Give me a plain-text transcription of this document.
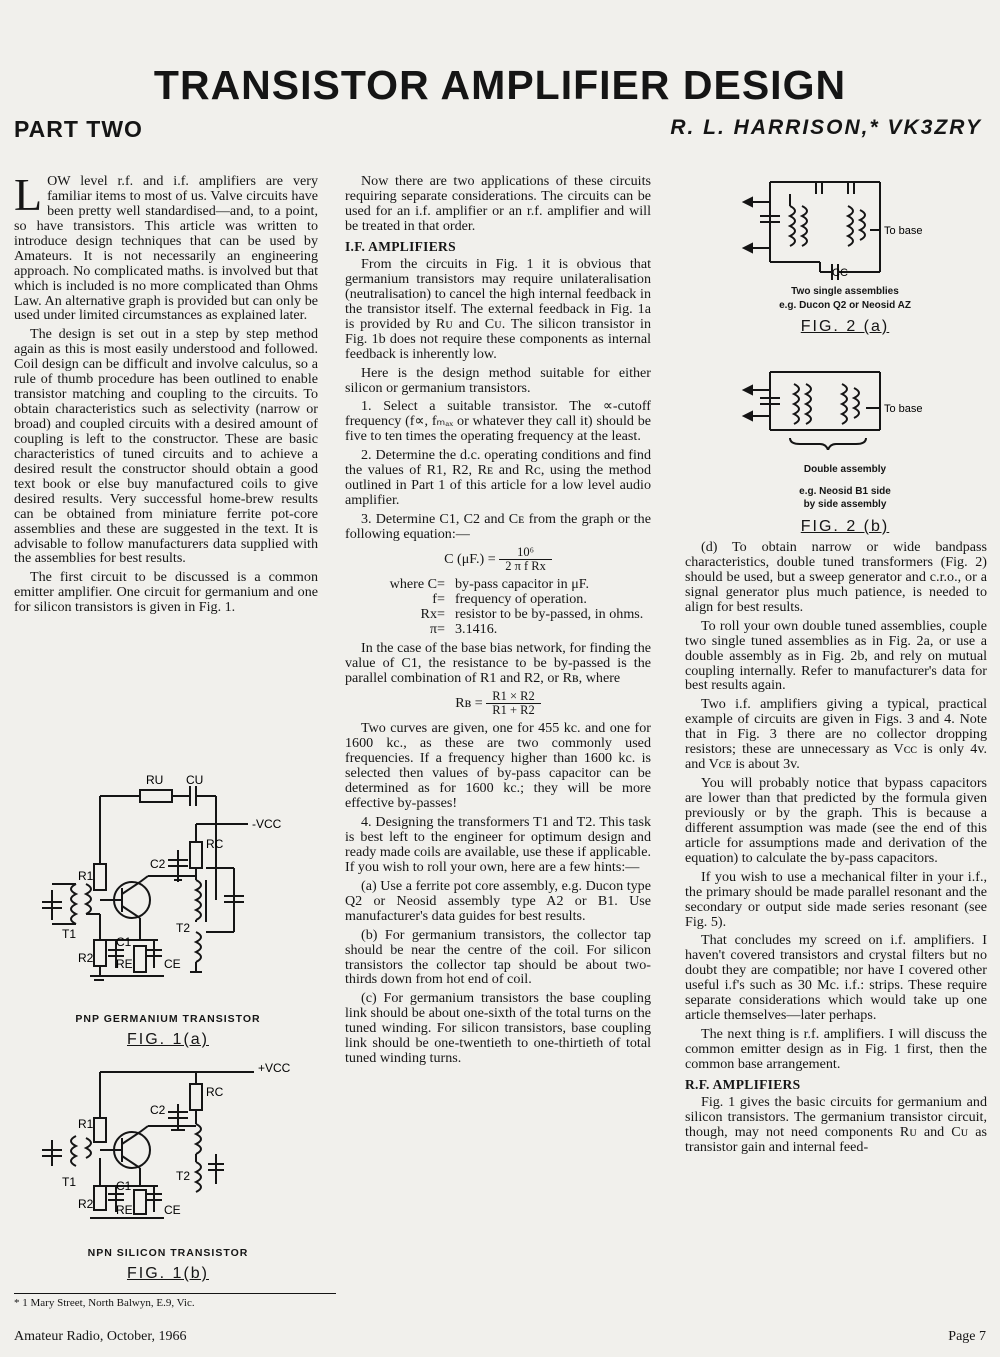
TRANSISTOR AMPLIFIER DESIGN
PART TWO	R. L. HARRISON,* VK3ZRY

LOW level r.f. and i.f. amplifiers are very familiar items to most of us. Valve circuits have been pretty well standardised—and, to a point, so have transistors. This article was written to introduce design techniques that can be used by Amateurs. It is not necessarily an engineering approach. No complicated maths. is involved but that which is included is no more complicated than Ohms Law. An alternative graph is provided but can only be used under limited circumstances as explained later.

The design is set out in a step by step method again as this is most easily understood and followed. Coil design can be difficult and involve calculus, so a rule of thumb procedure has been outlined to enable transistor matching and coupling to the circuits. To obtain characteristics such as selectivity (narrow or broad) and coupled circuits with a desired amount of coupling is left to the constructor. These are basic characteristics of tuned circuits and to achieve a desired result the constructor should obtain a good text book or else buy manufactured coils to give desired results. Very successful home-brew results can be obtained from miniature ferrite pot-core assemblies and these are suggested in the text. It is advisable to follow manufacturers data supplied with the assemblies for best results.

The first circuit to be discussed is a common emitter amplifier. One circuit for germanium and one for silicon transistors is given in Fig. 1.

RU CU
-VCC
RC
C2
R1
T1	T2
C1
R2 RE	CE
PNP GERMANIUM TRANSISTOR
FIG. 1(a)
+VCC
RC
C2
R1
T1	T2
C1
R2 RE	CE
NPN SILICON TRANSISTOR
FIG. 1(b)
* 1 Mary Street, North Balwyn, E.9, Vic.

Now there are two applications of these circuits requiring separate considerations. The circuits can be used for an i.f. amplifier or an r.f. amplifier and will be treated in that order.

I.F. AMPLIFIERS

From the circuits in Fig. 1 it is obvious that germanium transistors may require unilateralisation (neutralisation) to cancel the high internal feedback in the transistor itself. The external feedback in Fig. 1a is provided by Rᴜ and Cᴜ. The silicon transistor in Fig. 1b does not require these components as internal feedback is inherently low.

Here is the design method suitable for either silicon or germanium transistors.

1. Select a suitable transistor. The ∝-cutoff frequency (f∝, fₘₐₓ or whatever they call it) should be five to ten times the operating frequency at the least.

2. Determine the d.c. operating conditions and find the values of R1, R2, Rᴇ and Rᴄ, using the method outlined in Part 1 of this article for a low level audio amplifier.

3. Determine C1, C2 and Cᴇ from the graph or the following equation:—

C $(\mu F.) = \frac{\text{10⁶}}{\text{2 π f Rx}}$
where C = by-pass capacitor in μF.
f = frequency of operation.
Rx = resistor to be by-passed, in ohms.
π = 3.1416.

In the case of the base bias network, for finding the value of C1, the resistance to be by-passed is the parallel combination of R1 and R2, or Rʙ, where

Rʙ = $\frac{R1 \times R2}{R1 + R2}$

Two curves are given, one for 455 kc. and one for 1600 kc., as these are two commonly used frequencies. If a frequency higher than 1600 kc. is selected then values of by-pass capacitor can be determined as for 1600 kc.; they will be more effective by-passes!

4. Designing the transformers T1 and T2. This task is best left to the engineer for optimum design and ready made coils are available, use these if applicable. If you wish to roll your own, here are a few hints:—

(a) Use a ferrite pot core assembly, e.g. Ducon type Q2 or Neosid assembly type A2 or B1. Use manufacturer's data guides for best results.

(b) For germanium transistors, the collector tap should be near the centre of the coil. For silicon transistors the collector tap should be about two-thirds down from hot end of coil.

(c) For germanium transistors the base coupling link should be about one-sixth of the total turns on the tuned winding. For silicon transistors, base coupling link should be one-twentieth to one-thirtieth of total tuned winding turns.

To base
CC
Two single assemblies
e.g. Ducon Q2 or Neosid AZ
FIG. 2 (a)
To base
Double assembly
e.g. Neosid B1 side
by side assembly
FIG. 2 (b)

(d) To obtain narrow or wide bandpass characteristics, double tuned transformers (Fig. 2) should be used, but a sweep generator and c.r.o., or a signal generator plus much patience, is needed to align for best results.

To roll your own double tuned assemblies, couple two single tuned assemblies as in Fig. 2a, or use a double assembly as in Fig. 2b, and rely on mutual coupling internally. Refer to manufacturer's data for best results again.

Two i.f. amplifiers giving a typical, practical example of circuits are given in Figs. 3 and 4. Note that in Fig. 3 there are no collector dropping resistors; these are unnecessary as Vᴄᴄ is only 4v. and Vᴄᴇ is about 3v.

You will probably notice that bypass capacitors are lower than that predicted by the formula given previously or by the graph. This is because a different assumption was made (see the end of this article for assumptions made and derivation of the equation) to calculate the by-pass capacitors.

If you wish to use a mechanical filter in your i.f., the primary should be made parallel resonant and the secondary or output side made series resonant (see Fig. 5).

That concludes my screed on i.f. amplifiers. I haven't covered transistors and crystal filters but no doubt they are compatible; nor have I covered other useful i.f's such as 30 Mc. i.f.: strips. These require separate considerations which would take up one article themselves—later perhaps.

The next thing is r.f. amplifiers. I will discuss the common emitter design as in Fig. 1 first, then the common base arrangement.

R.F. AMPLIFIERS

Fig. 1 gives the basic circuits for germanium and silicon transistors. The germanium transistor circuit, though, may not need components Rᴜ and Cᴜ as transistor gain and internal feed-

Amateur Radio, October, 1966	Page 7
